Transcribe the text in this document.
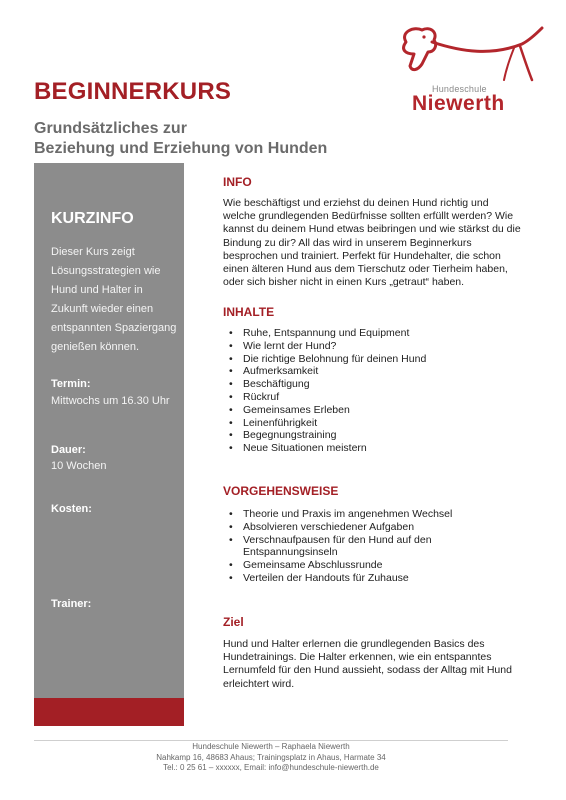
Hundeschule
Niewerth
BEGINNERKURS
Grundsätzliches zur
Beziehung und Erziehung von Hunden
KURZINFO

Dieser Kurs zeigt Lösungsstrategien wie Hund und Halter in Zukunft wieder einen entspannten Spaziergang genießen können.

Termin:

Mittwochs um 16.30 Uhr

Dauer:

10 Wochen

Kosten:

Trainer:

INFO

Wie beschäftigst und erziehst du deinen Hund richtig und welche grundlegenden Bedürfnisse sollten erfüllt werden? Wie kannst du deinem Hund etwas beibringen und wie stärkst du die Bindung zu dir? All das wird in unserem Beginnerkurs besprochen und trainiert. Perfekt für Hundehalter, die schon einen älteren Hund aus dem Tierschutz oder Tierheim haben, oder sich bisher nicht in einen Kurs „getraut“ haben.

INHALTE
• Ruhe, Entspannung und Equipment
• Wie lernt der Hund?
• Die richtige Belohnung für deinen Hund
• Aufmerksamkeit
• Beschäftigung
• Rückruf
• Gemeinsames Erleben
• Leinenführigkeit
• Begegnungstraining
• Neue Situationen meistern
VORGEHENSWEISE
• Theorie und Praxis im angenehmen Wechsel
• Absolvieren verschiedener Aufgaben
• Verschnaufpausen für den Hund auf den Entspannungsinseln
• Gemeinsame Abschlussrunde
• Verteilen der Handouts für Zuhause
Ziel

Hund und Halter erlernen die grundlegenden Basics des Hundetrainings. Die Halter erkennen, wie ein entspanntes Lernumfeld für den Hund aussieht, sodass der Alltag mit Hund erleichtert wird.

Hundeschule Niewerth – Raphaela Niewerth
Nahkamp 16, 48683 Ahaus; Trainingsplatz in Ahaus, Harmate 34
Tel.: 0 25 61 – xxxxxx, Email: info@hundeschule-niewerth.de
